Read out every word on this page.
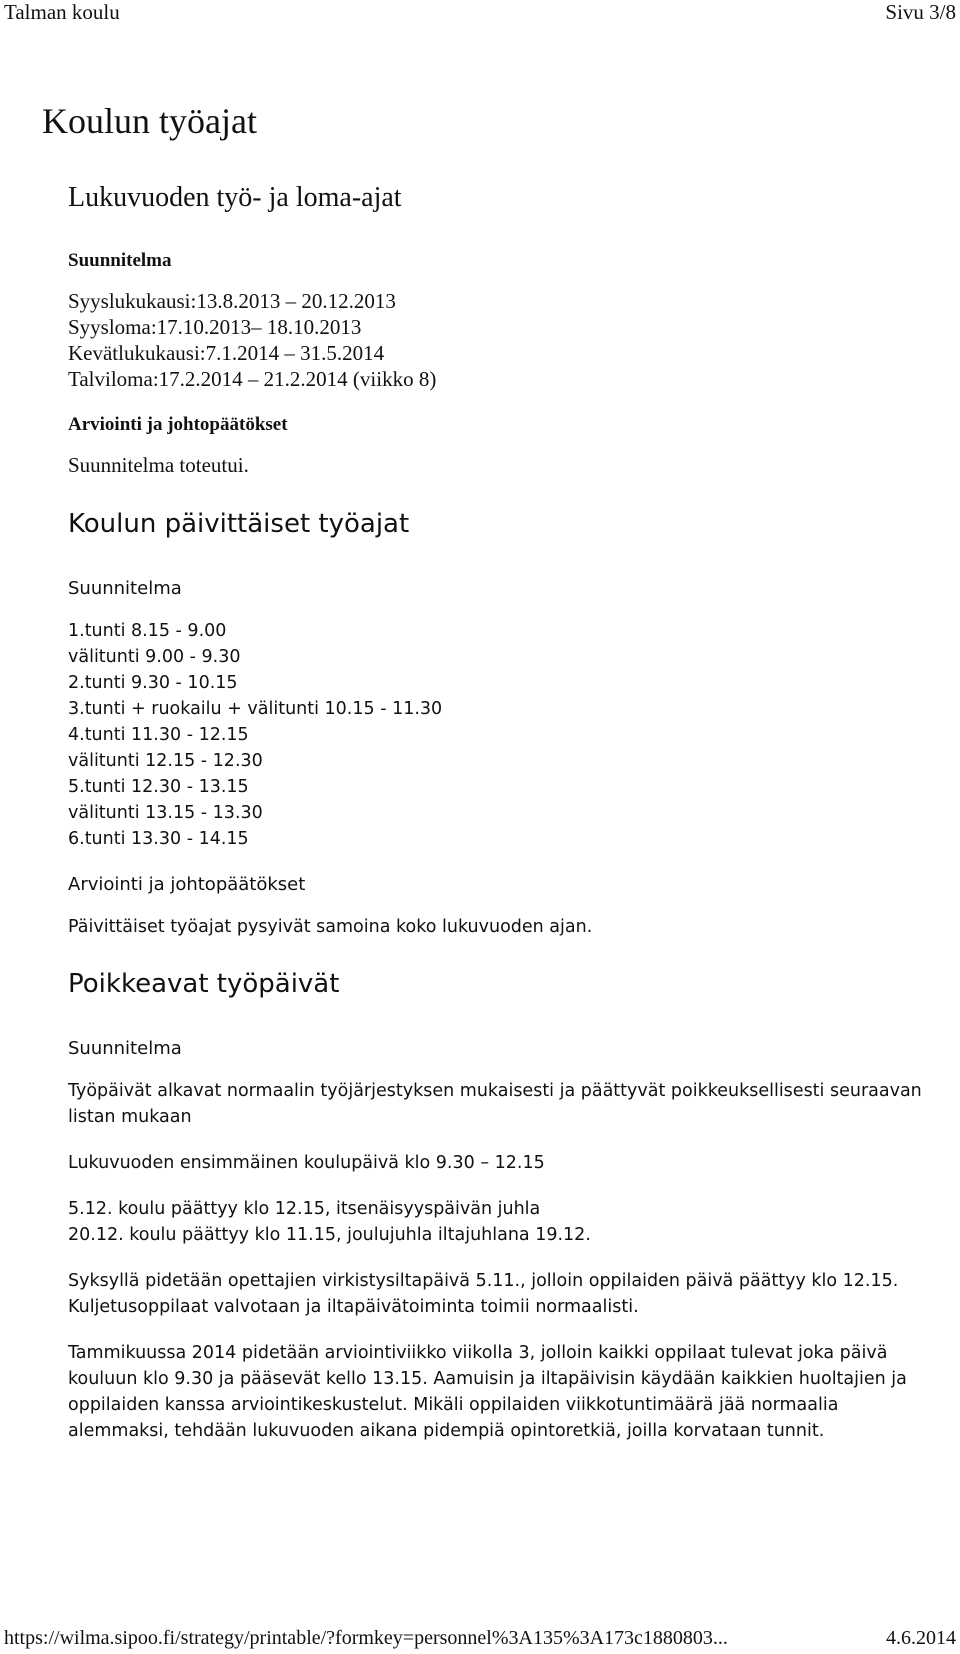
Talman koulu	Sivu 3/8
Koulun työajat
Lukuvuoden työ- ja loma-ajat
Suunnitelma
Syyslukukausi:13.8.2013 – 20.12.2013
Syysloma:17.10.2013– 18.10.2013
Kevätlukukausi:7.1.2014 – 31.5.2014
Talviloma:17.2.2014 – 21.2.2014 (viikko 8)
Arviointi ja johtopäätökset
Suunnitelma toteutui.
Koulun päivittäiset työajat
Suunnitelma
1.tunti 8.15 - 9.00
välitunti 9.00 - 9.30
2.tunti 9.30 - 10.15
3.tunti + ruokailu + välitunti 10.15 - 11.30
4.tunti 11.30 - 12.15
välitunti 12.15 - 12.30
5.tunti 12.30 - 13.15
välitunti 13.15 - 13.30
6.tunti 13.30 - 14.15
Arviointi ja johtopäätökset

Päivittäiset työajat pysyivät samoina koko lukuvuoden ajan.

Poikkeavat työpäivät
Suunnitelma

Työpäivät alkavat normaalin työjärjestyksen mukaisesti ja päättyvät poikkeuksellisesti seuraavan listan mukaan

Lukuvuoden ensimmäinen koulupäivä klo 9.30 – 12.15

5.12. koulu päättyy klo 12.15, itsenäisyyspäivän juhla
20.12. koulu päättyy klo 11.15, joulujuhla iltajuhlana 19.12.

Syksyllä pidetään opettajien virkistysiltapäivä 5.11., jolloin oppilaiden päivä päättyy klo 12.15. Kuljetusoppilaat valvotaan ja iltapäivätoiminta toimii normaalisti.

Tammikuussa 2014 pidetään arviointiviikko viikolla 3, jolloin kaikki oppilaat tulevat joka päivä kouluun klo 9.30 ja pääsevät kello 13.15. Aamuisin ja iltapäivisin käydään kaikkien huoltajien ja oppilaiden kanssa arviointikeskustelut. Mikäli oppilaiden viikkotuntimäärä jää normaalia alemmaksi, tehdään lukuvuoden aikana pidempiä opintoretkiä, joilla korvataan tunnit.

https://wilma.sipoo.fi/strategy/printable/?formkey=personnel%3A135%3A173c1880803...	4.6.2014
